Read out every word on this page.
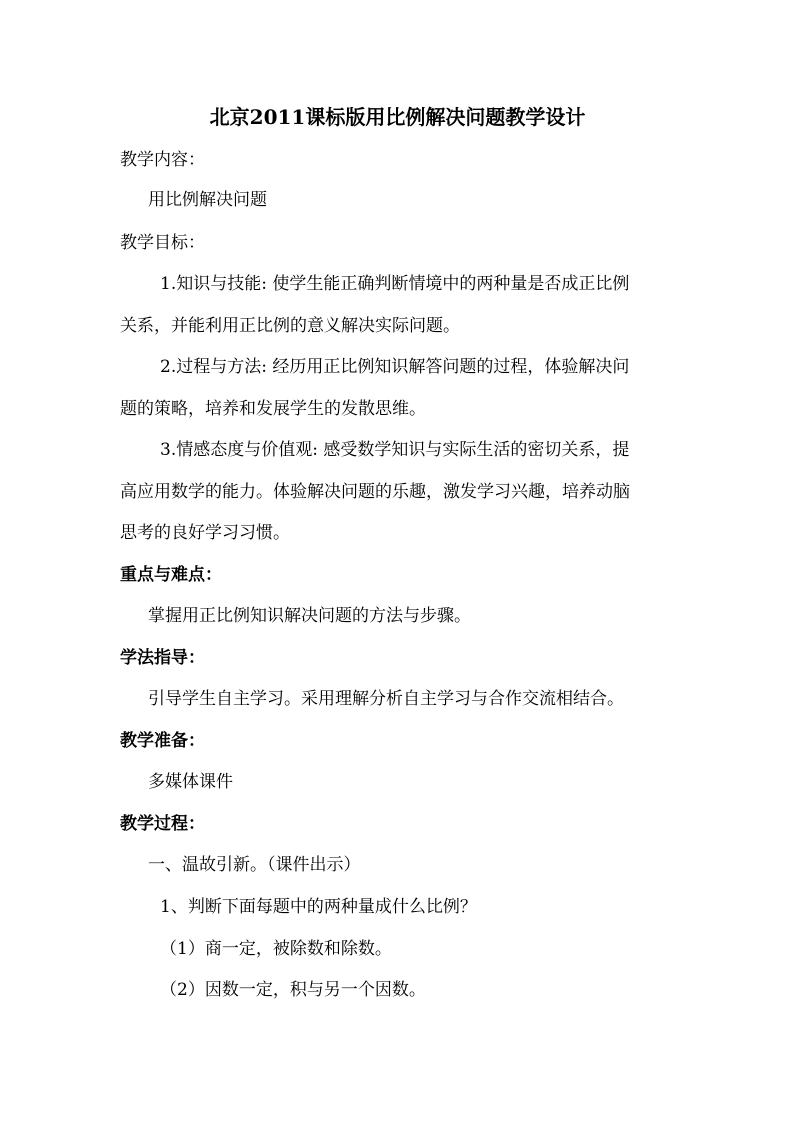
北京2011课标版用比例解决问题教学设计
教学内容：
用比例解决问题
教学目标：
1.知识与技能: 使学生能正确判断情境中的两种量是否成正比例
关系，并能利用正比例的意义解决实际问题。
2.过程与方法: 经历用正比例知识解答问题的过程，体验解决问
题的策略，培养和发展学生的发散思维。
3.情感态度与价值观: 感受数学知识与实际生活的密切关系，提
高应用数学的能力。体验解决问题的乐趣，激发学习兴趣，培养动脑
思考的良好学习习惯。
重点与难点：
掌握用正比例知识解决问题的方法与步骤。
学法指导：
引导学生自主学习。采用理解分析自主学习与合作交流相结合。
教学准备：
多媒体课件
教学过程：
一、温故引新。（课件出示）
1、判断下面每题中的两种量成什么比例？
（1）商一定，被除数和除数。
（2）因数一定，积与另一个因数。
